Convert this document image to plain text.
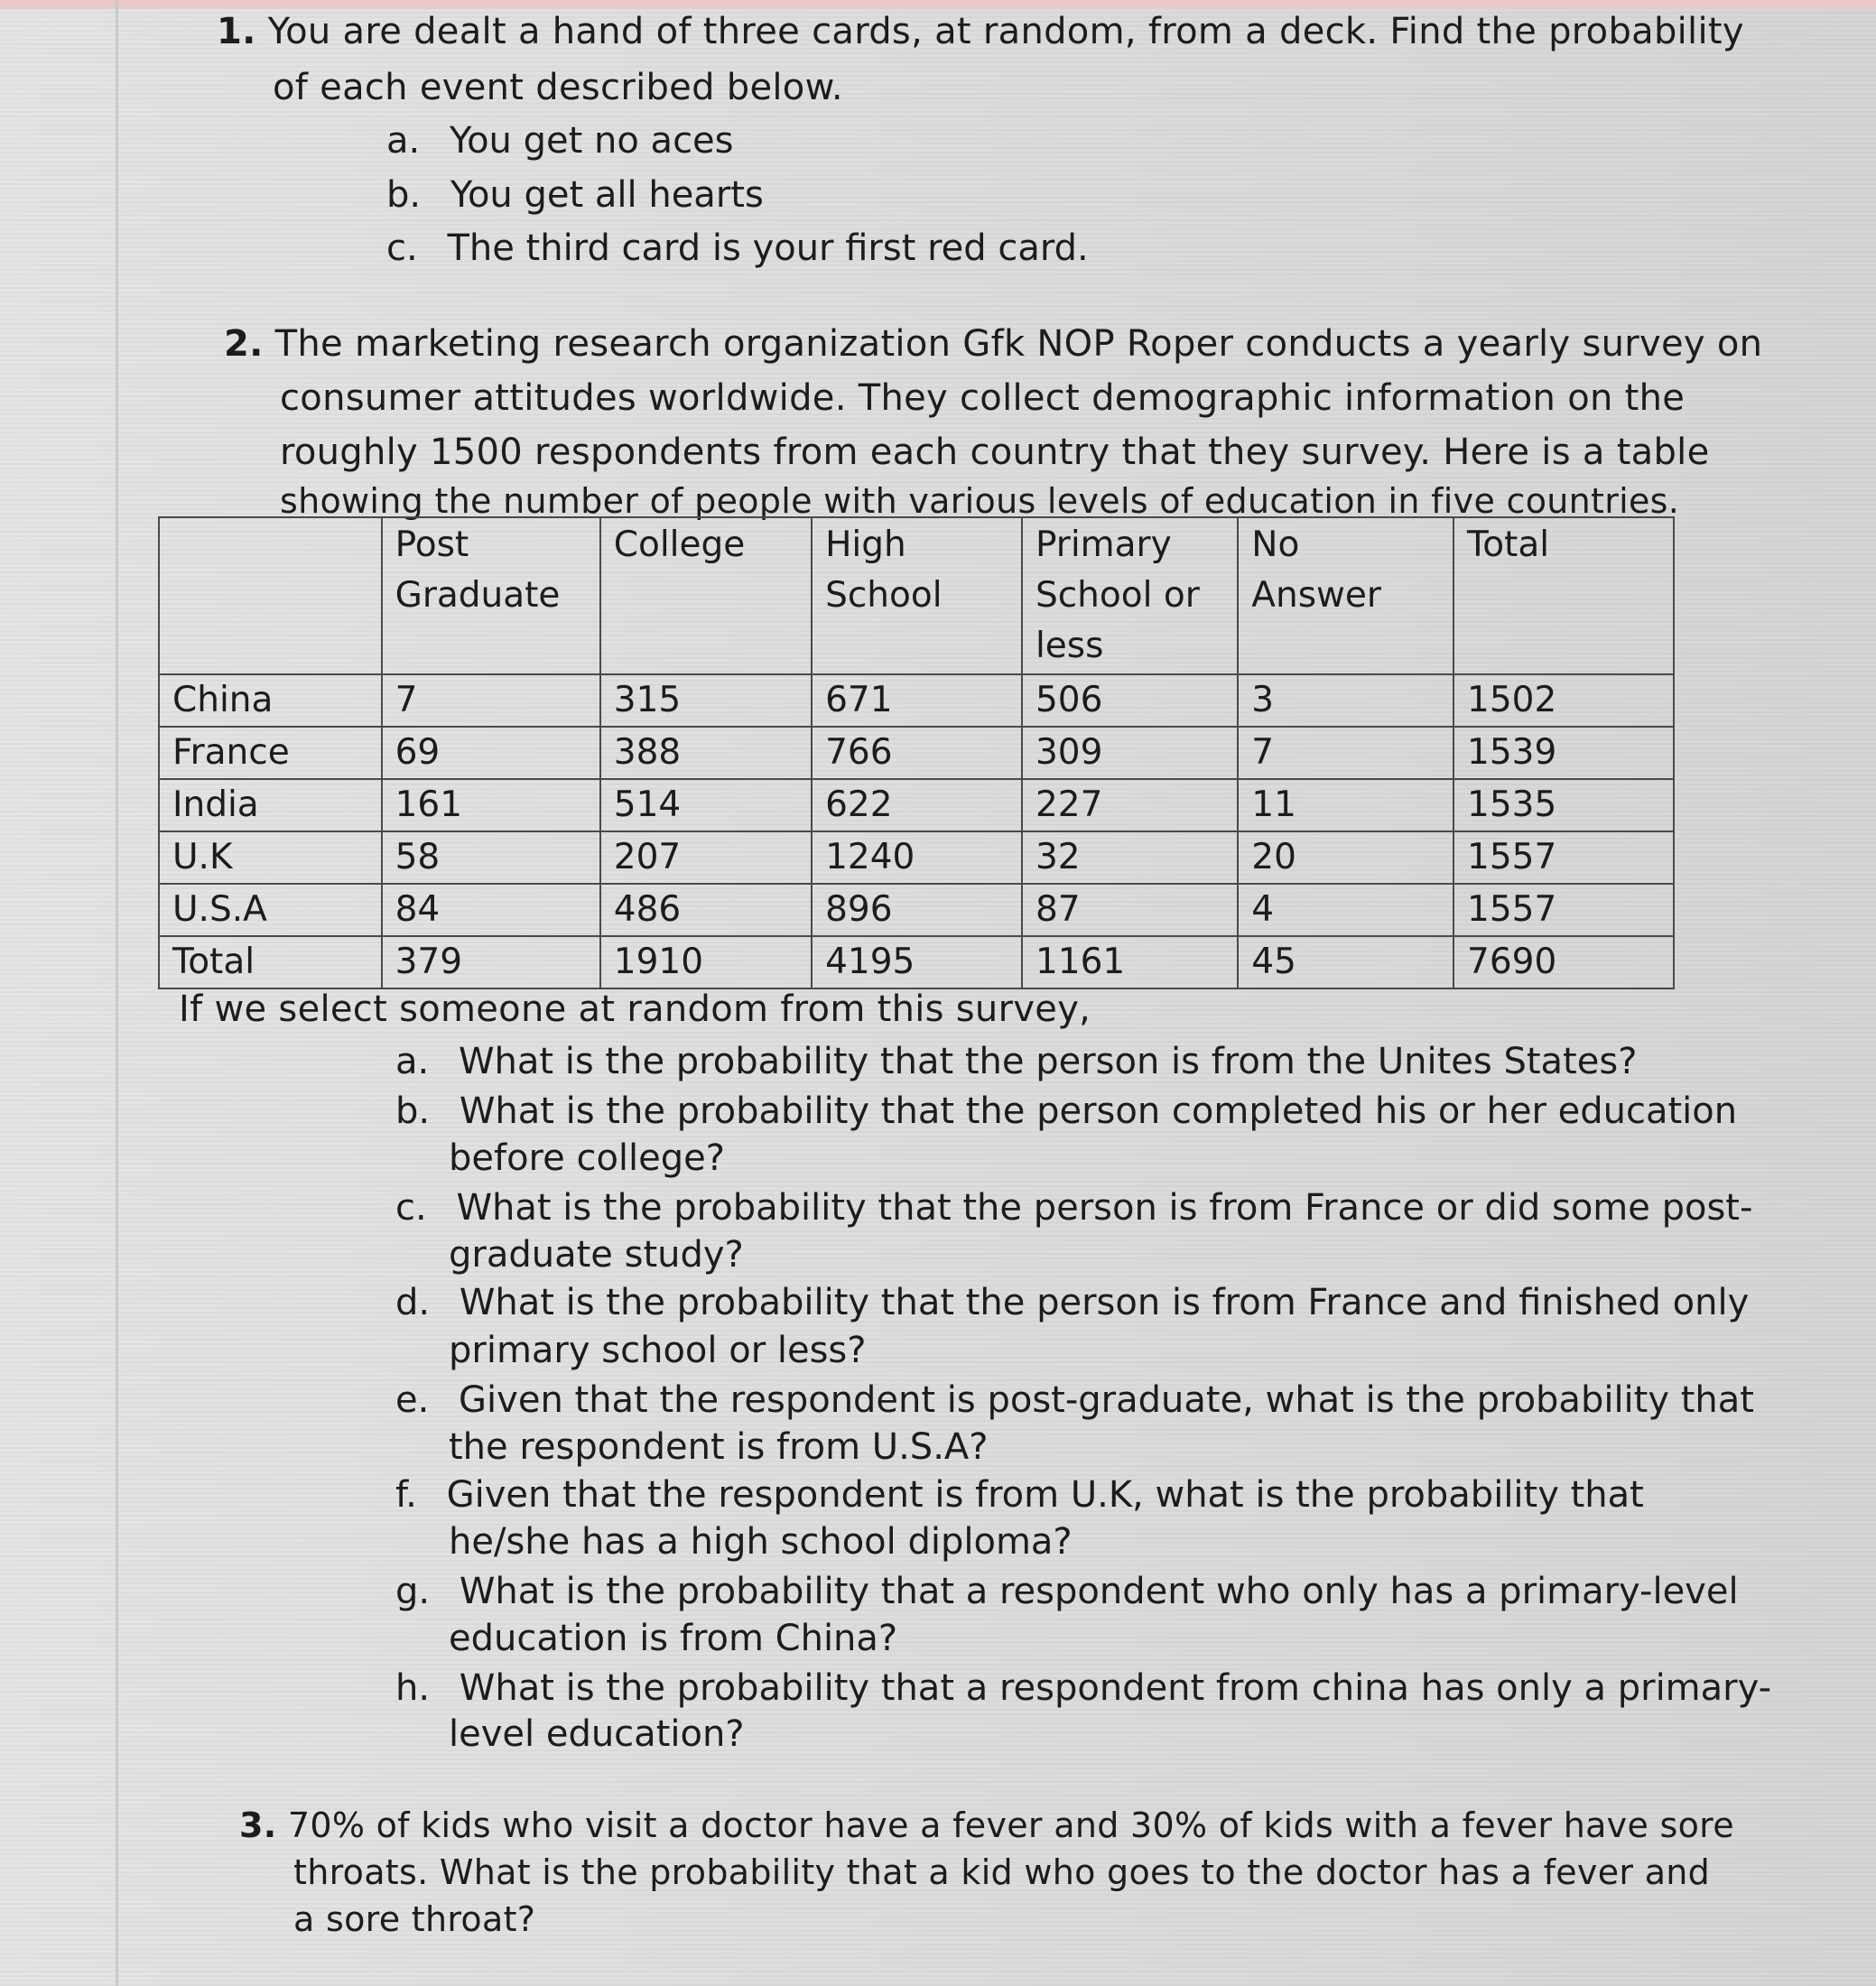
1. You are dealt a hand of three cards, at random, from a deck. Find the probability
of each event described below.
a. You get no aces
b. You get all hearts
c. The third card is your first red card.
2. The marketing research organization Gfk NOP Roper conducts a yearly survey on
consumer attitudes worldwide. They collect demographic information on the
roughly 1500 respondents from each country that they survey. Here is a table
showing the number of people with various levels of education in five countries.
	Post Graduate	College	High School	Primary School or less	No Answer	Total
China	7	315	671	506	3	1502
France	69	388	766	309	7	1539
India	161	514	622	227	11	1535
U.K	58	207	1240	32	20	1557
U.S.A	84	486	896	87	4	1557
Total	379	1910	4195	1161	45	7690
If we select someone at random from this survey,
a. What is the probability that the person is from the Unites States?
b. What is the probability that the person completed his or her education
before college?
c. What is the probability that the person is from France or did some post-
graduate study?
d. What is the probability that the person is from France and finished only
primary school or less?
e. Given that the respondent is post-graduate, what is the probability that
the respondent is from U.S.A?
f. Given that the respondent is from U.K, what is the probability that
he/she has a high school diploma?
g. What is the probability that a respondent who only has a primary-level
education is from China?
h. What is the probability that a respondent from china has only a primary-
level education?
3. 70% of kids who visit a doctor have a fever and 30% of kids with a fever have sore
throats. What is the probability that a kid who goes to the doctor has a fever and
a sore throat?
